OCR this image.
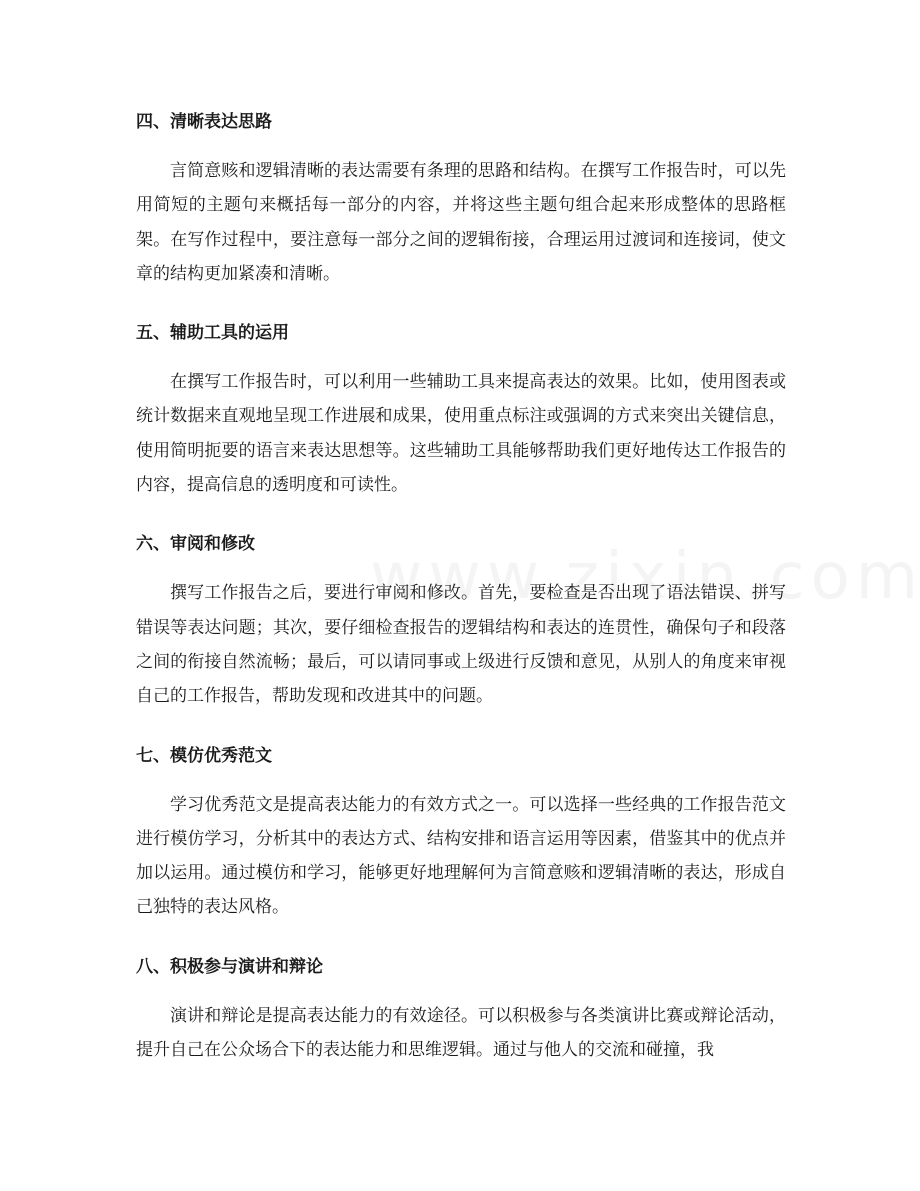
四、清晰表达思路

言简意赅和逻辑清晰的表达需要有条理的思路和结构。在撰写工作报告时，可以先用简短的主题句来概括每一部分的内容，并将这些主题句组合起来形成整体的思路框架。在写作过程中，要注意每一部分之间的逻辑衔接，合理运用过渡词和连接词，使文章的结构更加紧凑和清晰。

五、辅助工具的运用

在撰写工作报告时，可以利用一些辅助工具来提高表达的效果。比如，使用图表或统计数据来直观地呈现工作进展和成果，使用重点标注或强调的方式来突出关键信息，使用简明扼要的语言来表达思想等。这些辅助工具能够帮助我们更好地传达工作报告的内容，提高信息的透明度和可读性。

六、审阅和修改

撰写工作报告之后，要进行审阅和修改。首先，要检查是否出现了语法错误、拼写错误等表达问题；其次，要仔细检查报告的逻辑结构和表达的连贯性，确保句子和段落之间的衔接自然流畅；最后，可以请同事或上级进行反馈和意见，从别人的角度来审视自己的工作报告，帮助发现和改进其中的问题。

七、模仿优秀范文

学习优秀范文是提高表达能力的有效方式之一。可以选择一些经典的工作报告范文进行模仿学习，分析其中的表达方式、结构安排和语言运用等因素，借鉴其中的优点并加以运用。通过模仿和学习，能够更好地理解何为言简意赅和逻辑清晰的表达，形成自己独特的表达风格。

八、积极参与演讲和辩论

演讲和辩论是提高表达能力的有效途径。可以积极参与各类演讲比赛或辩论活动，提升自己在公众场合下的表达能力和思维逻辑。通过与他人的交流和碰撞，我
